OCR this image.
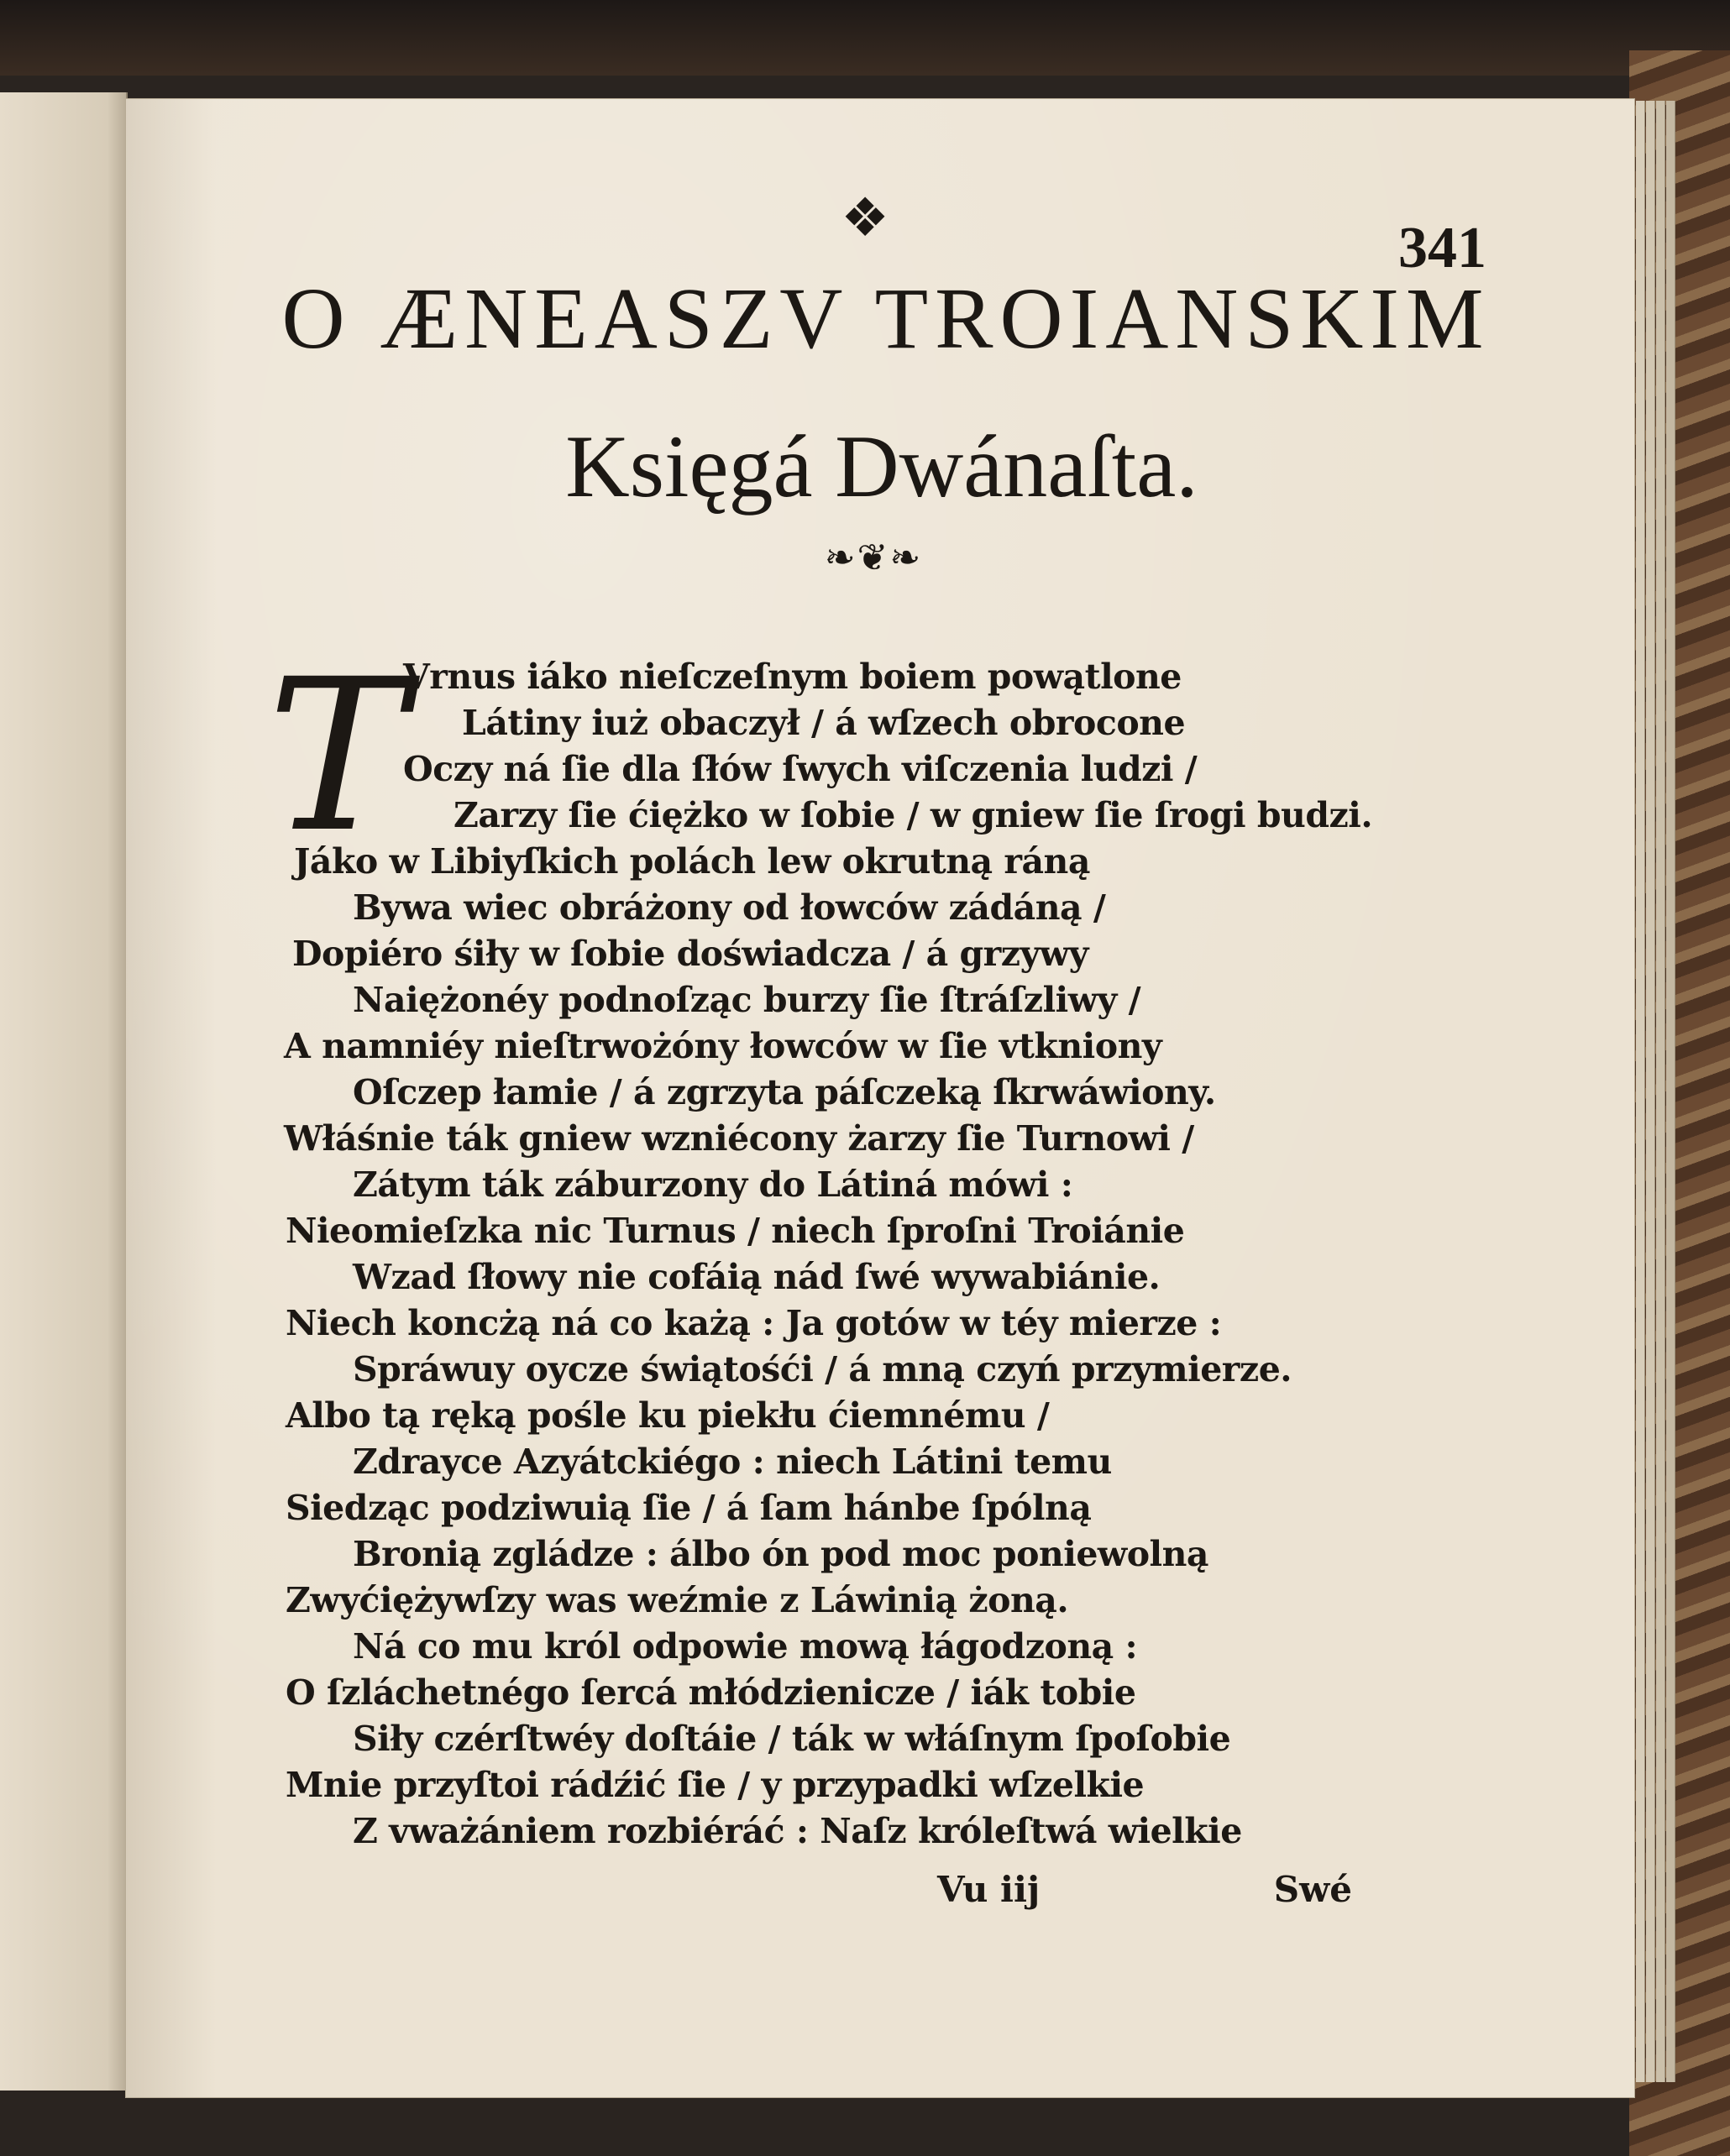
❖	341
O ÆNEASZV TROIANSKIM
Księgá Dwánaſta.
❧❦❧
T
Vrnus iáko nieſczeſnym boiem powątlone
Látiny iuż obaczył / á wſzech obrocone
Oczy ná ſie dla ſłów ſwych viſczenia ludzi /
Zarzy ſie ćiężko w ſobie / w gniew ſie ſrogi budzi.
Jáko w Libiyſkich polách lew okrutną ráną
Bywa wiec obráżony od łowców zádáną /
Dopiéro śiły w ſobie doświadcza / á grzywy
Naiężonéy podnoſząc burzy ſie ſtráſzliwy /
A namniéy nieſtrwożóny łowców w ſie vtkniony
Oſczep łamie / á zgrzyta páſczeką ſkrwáwiony.
Włáśnie ták gniew wzniécony żarzy ſie Turnowi /
Zátym ták záburzony do Látiná mówi :
Nieomieſzka nic Turnus / niech ſproſni Troiánie
Wzad ſłowy nie cofáią nád ſwé wywabiánie.
Niech koncżą ná co każą : Ja gotów w téy mierze :
Spráwuy oycze świątośći / á mną czyń przymierze.
Albo tą ręką pośle ku piekłu ćiemnému /
Zdrayce Azyátckiégo : niech Látini temu
Siedząc podziwuią ſie / á ſam hánbe ſpólną
Bronią zgládze : álbo ón pod moc poniewolną
Zwyćiężywſzy was weźmie z Láwinią żoną.
Ná co mu król odpowie mową łágodzoną :
O ſzláchetnégo ſercá młódzienicze / iák tobie
Siły czérſtwéy doſtáie / ták w włáſnym ſpoſobie
Mnie przyſtoi rádźić ſie / y przypadki wſzelkie
Z vważániem rozbiéráć : Naſz króleſtwá wielkie
Vu iij	Swé
